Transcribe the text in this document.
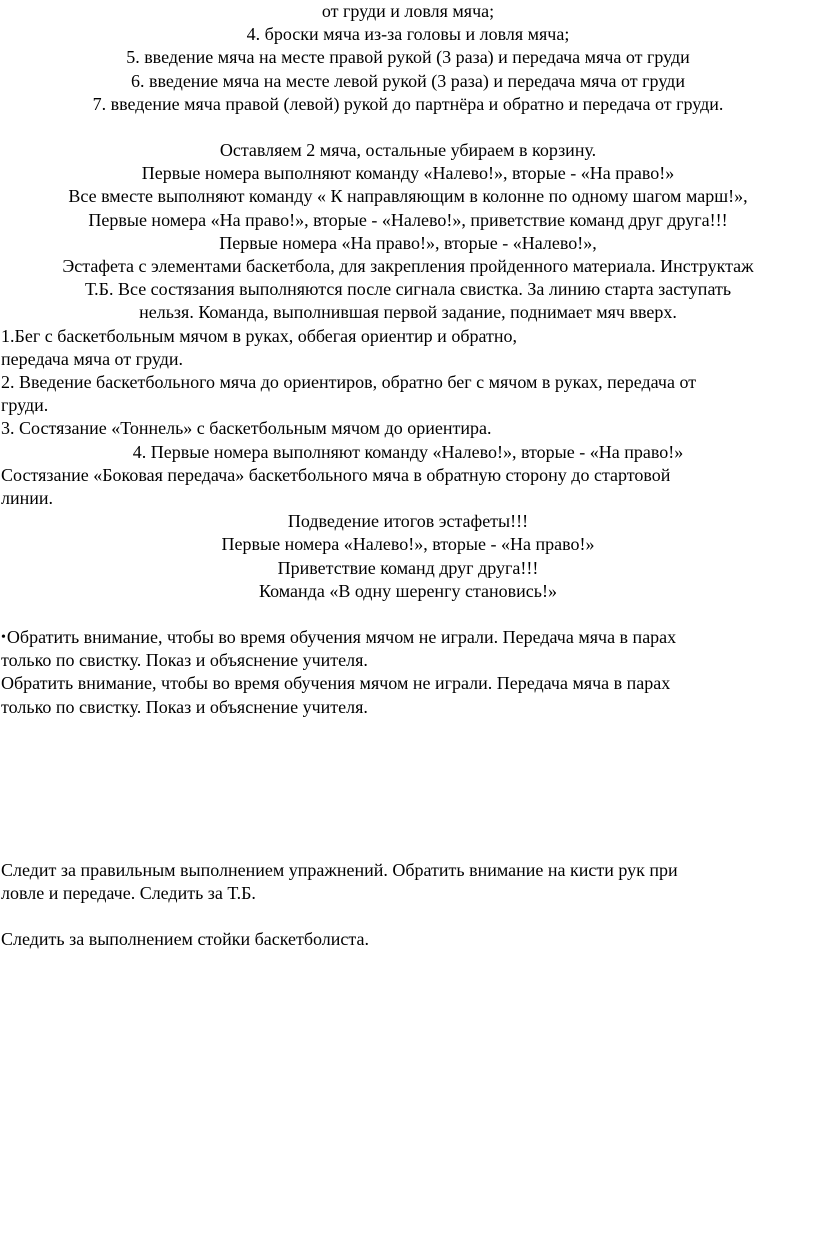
от груди и ловля мяча;
4. броски мяча из-за головы и ловля мяча;
5. введение мяча на месте правой рукой (3 раза) и передача мяча от груди
6. введение мяча на месте левой рукой (3 раза) и передача мяча от груди
7. введение мяча правой (левой) рукой до партнёра и обратно и передача от груди.
Оставляем 2 мяча, остальные убираем в корзину.
Первые номера выполняют команду «Налево!», вторые - «На право!»
Все вместе выполняют команду « К направляющим в колонне по одному шагом марш!»,
Первые номера «На право!», вторые - «Налево!», приветствие команд друг друга!!!
Первые номера «На право!», вторые - «Налево!»,
Эстафета с элементами баскетбола, для закрепления пройденного материала. Инструктаж
Т.Б. Все состязания выполняются после сигнала свистка. За линию старта заступать
нельзя. Команда, выполнившая первой задание, поднимает мяч вверх.
1.Бег с баскетбольным мячом в руках, оббегая ориентир и обратно,
передача мяча от груди.
2. Введение баскетбольного мяча до ориентиров, обратно бег с мячом в руках, передача от
груди.
3. Состязание «Тоннель» с баскетбольным мячом до ориентира.
4. Первые номера выполняют команду «Налево!», вторые - «На право!»
Состязание «Боковая передача» баскетбольного мяча в обратную сторону до стартовой
линии.
Подведение итогов эстафеты!!!
Первые номера «Налево!», вторые - «На право!»
Приветствие команд друг друга!!!
Команда «В одну шеренгу становись!»
•Обратить внимание, чтобы во время обучения мячом не играли. Передача мяча в парах
только по свистку. Показ и объяснение учителя.
Обратить внимание, чтобы во время обучения мячом не играли. Передача мяча в парах
только по свистку. Показ и объяснение учителя.
Следит за правильным выполнением упражнений. Обратить внимание на кисти рук при
ловле и передаче. Следить за Т.Б.
Следить за выполнением стойки баскетболиста.
